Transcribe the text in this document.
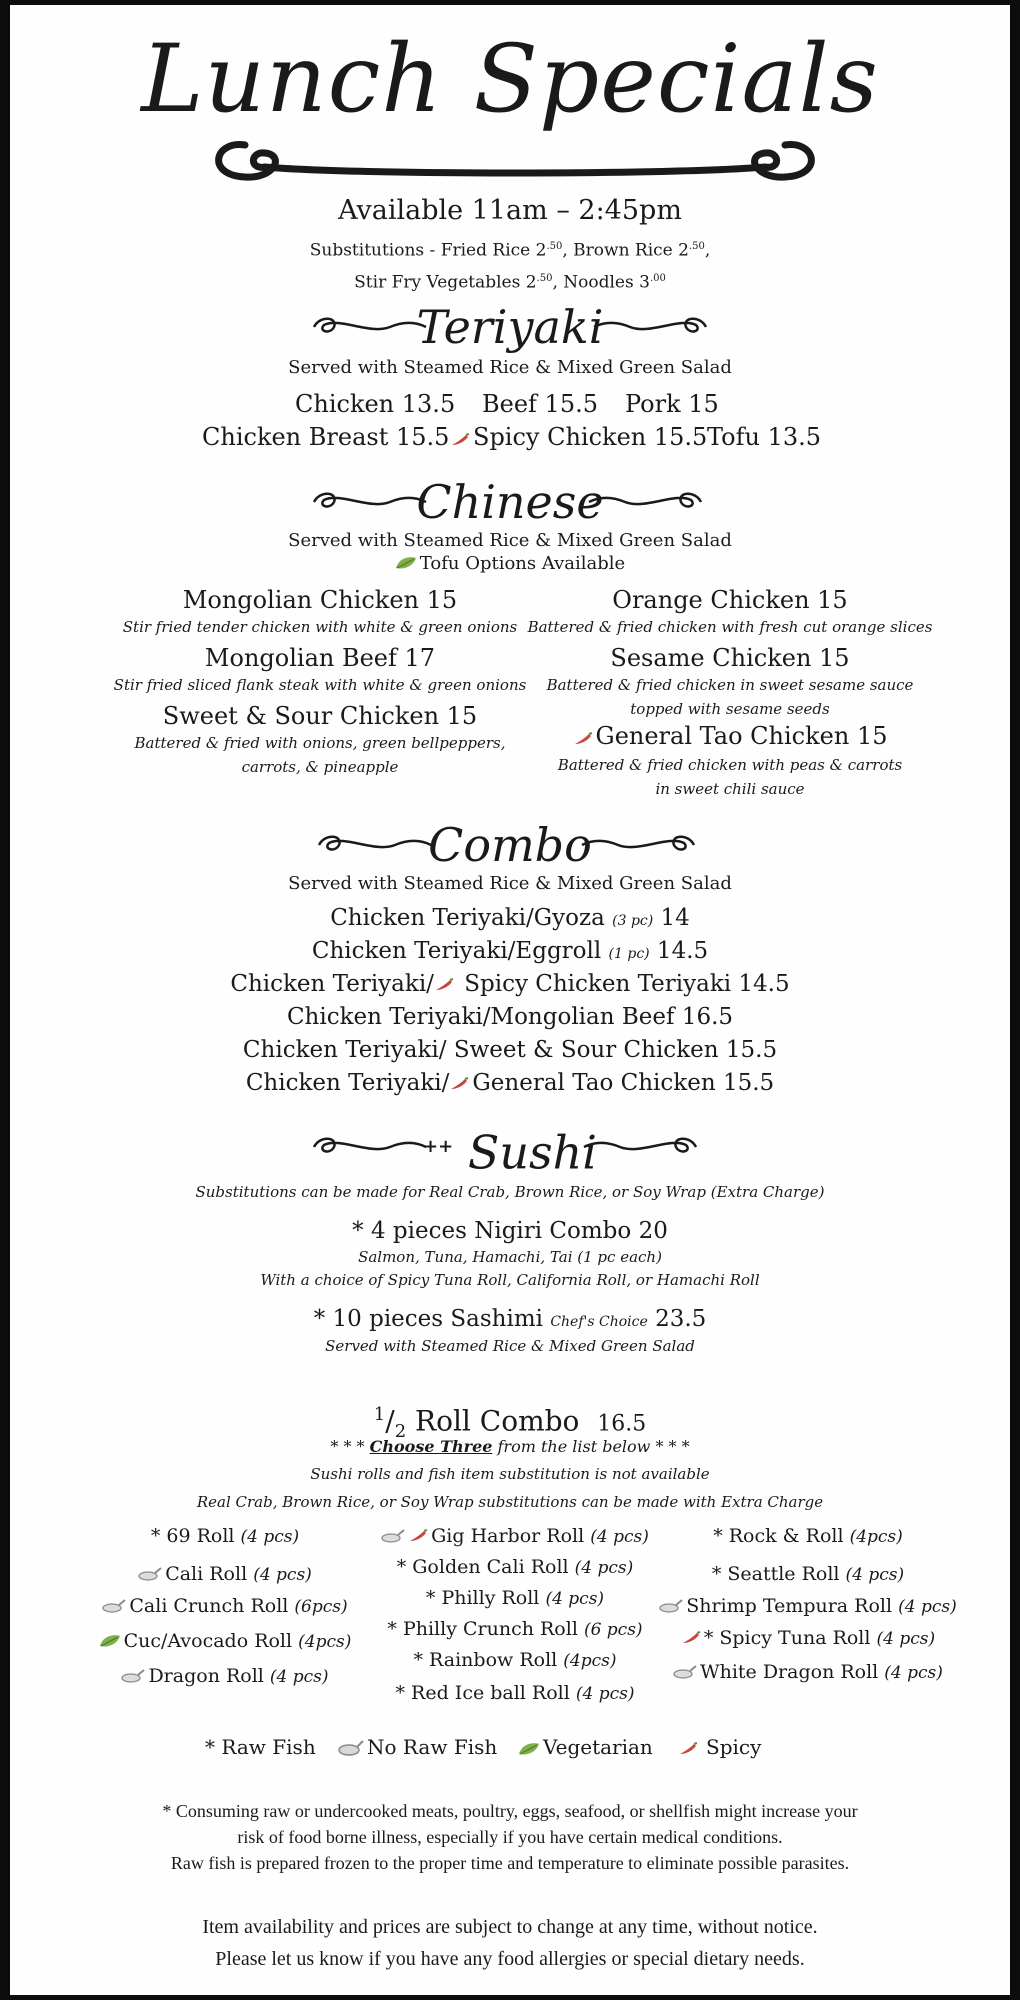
Lunch Specials
Available 11am – 2:45pm
Substitutions - Fried Rice $2^{.50}$, Brown Rice $2^{.50}$,
Stir Fry Vegetables $2^{.50}$, Noodles $3^{.00}$
Teriyaki
Served with Steamed Rice & Mixed Green Salad
Chicken 13.5 Beef 15.5 Pork 15
Chicken Breast 15.5 Spicy Chicken 15.5 Tofu 13.5
Chinese
Served with Steamed Rice & Mixed Green Salad
Tofu Options Available
Mongolian Chicken 15
Stir fried tender chicken with white & green onions
Mongolian Beef 17
Stir fried sliced flank steak with white & green onions
Sweet & Sour Chicken 15
Battered & fried with onions, green bellpeppers,
carrots, & pineapple
Orange Chicken 15
Battered & fried chicken with fresh cut orange slices
Sesame Chicken 15
Battered & fried chicken in sweet sesame sauce
topped with sesame seeds
General Tao Chicken 15
Battered & fried chicken with peas & carrots
in sweet chili sauce
Combo
Served with Steamed Rice & Mixed Green Salad
Chicken Teriyaki/Gyoza (3 pc) 14
Chicken Teriyaki/Eggroll (1 pc) 14.5
Chicken Teriyaki/ Spicy Chicken Teriyaki 14.5
Chicken Teriyaki/Mongolian Beef 16.5
Chicken Teriyaki/ Sweet & Sour Chicken 15.5
Chicken Teriyaki/ General Tao Chicken 15.5
++ Sushi
Substitutions can be made for Real Crab, Brown Rice, or Soy Wrap (Extra Charge)
* 4 pieces Nigiri Combo 20
Salmon, Tuna, Hamachi, Tai (1 pc each)
With a choice of Spicy Tuna Roll, California Roll, or Hamachi Roll
* 10 pieces Sashimi Chef's Choice 23.5
Served with Steamed Rice & Mixed Green Salad
$^1/_2$ Roll Combo 16.5
* * * Choose Three from the list below * * *
Sushi rolls and fish item substitution is not available
Real Crab, Brown Rice, or Soy Wrap substitutions can be made with Extra Charge
* 69 Roll (4 pcs)
Cali Roll (4 pcs)
Cali Crunch Roll (6pcs)
Cuc/Avocado Roll (4pcs)
Dragon Roll (4 pcs)
Gig Harbor Roll (4 pcs)
* Golden Cali Roll (4 pcs)
* Philly Roll (4 pcs)
* Philly Crunch Roll (6 pcs)
* Rainbow Roll (4pcs)
* Red Ice ball Roll (4 pcs)
* Rock & Roll (4pcs)
* Seattle Roll (4 pcs)
Shrimp Tempura Roll (4 pcs)
* Spicy Tuna Roll (4 pcs)
White Dragon Roll (4 pcs)
* Raw Fish	No Raw Fish	Vegetarian	Spicy
* Consuming raw or undercooked meats, poultry, eggs, seafood, or shellfish might increase your
risk of food borne illness, especially if you have certain medical conditions.
Raw fish is prepared frozen to the proper time and temperature to eliminate possible parasites.
Item availability and prices are subject to change at any time, without notice.
Please let us know if you have any food allergies or special dietary needs.
